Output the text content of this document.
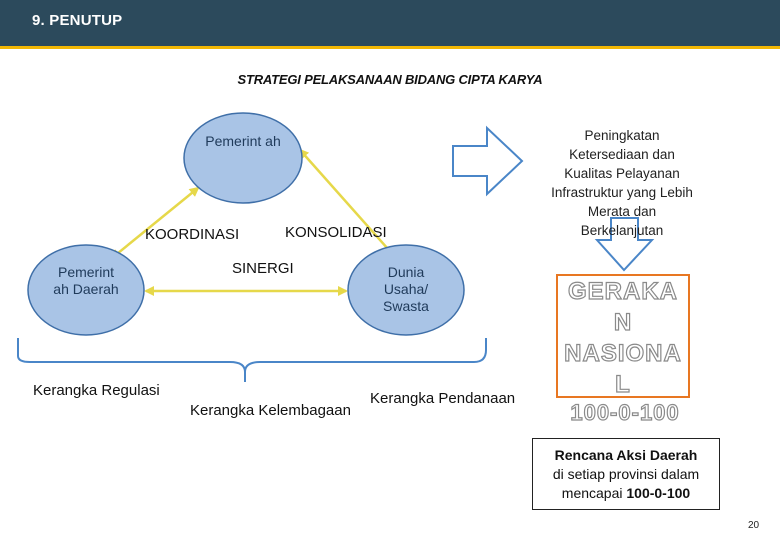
9. PENUTUP
STRATEGI PELAKSANAAN BIDANG CIPTA KARYA
Pemerint ah
Pemerint ah Daerah
Dunia Usaha/ Swasta
KOORDINASI	KONSOLIDASI
SINERGI
Kerangka Regulasi
Kerangka Kelembagaan
Kerangka Pendanaan
Peningkatan Ketersediaan dan Kualitas Pelayanan Infrastruktur yang Lebih Merata dan Berkelanjutan
GERAKA
N
NASIONA
L
100-0-100
Rencana Aksi Daerah
di setiap provinsi dalam
mencapai 100-0-100
20
